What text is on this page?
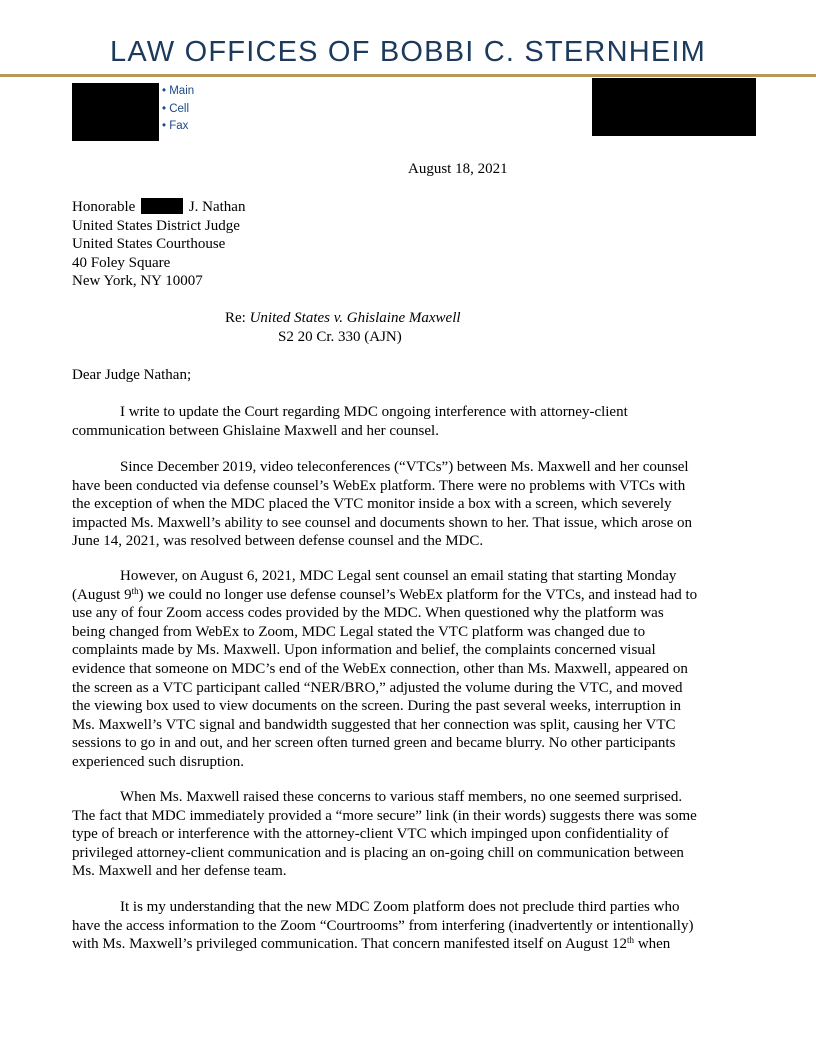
LAW OFFICES OF BOBBI C. STERNHEIM
• Main
• Cell
• Fax
August 18, 2021
Honorable	J. Nathan
United States District Judge
United States Courthouse
40 Foley Square
New York, NY 10007
Re: United States v. Ghislaine Maxwell
S2 20 Cr. 330 (AJN)
Dear Judge Nathan;
I write to update the Court regarding MDC ongoing interference with attorney-client
communication between Ghislaine Maxwell and her counsel.
Since December 2019, video teleconferences (“VTCs”) between Ms. Maxwell and her counsel
have been conducted via defense counsel’s WebEx platform. There were no problems with VTCs with
the exception of when the MDC placed the VTC monitor inside a box with a screen, which severely
impacted Ms. Maxwell’s ability to see counsel and documents shown to her. That issue, which arose on
June 14, 2021, was resolved between defense counsel and the MDC.
However, on August 6, 2021, MDC Legal sent counsel an email stating that starting Monday
(August 9th) we could no longer use defense counsel’s WebEx platform for the VTCs, and instead had to
use any of four Zoom access codes provided by the MDC. When questioned why the platform was
being changed from WebEx to Zoom, MDC Legal stated the VTC platform was changed due to
complaints made by Ms. Maxwell. Upon information and belief, the complaints concerned visual
evidence that someone on MDC’s end of the WebEx connection, other than Ms. Maxwell, appeared on
the screen as a VTC participant called “NER/BRO,” adjusted the volume during the VTC, and moved
the viewing box used to view documents on the screen. During the past several weeks, interruption in
Ms. Maxwell’s VTC signal and bandwidth suggested that her connection was split, causing her VTC
sessions to go in and out, and her screen often turned green and became blurry. No other participants
experienced such disruption.
When Ms. Maxwell raised these concerns to various staff members, no one seemed surprised.
The fact that MDC immediately provided a “more secure” link (in their words) suggests there was some
type of breach or interference with the attorney-client VTC which impinged upon confidentiality of
privileged attorney-client communication and is placing an on-going chill on communication between
Ms. Maxwell and her defense team.
It is my understanding that the new MDC Zoom platform does not preclude third parties who
have the access information to the Zoom “Courtrooms” from interfering (inadvertently or intentionally)
with Ms. Maxwell’s privileged communication. That concern manifested itself on August 12th when
